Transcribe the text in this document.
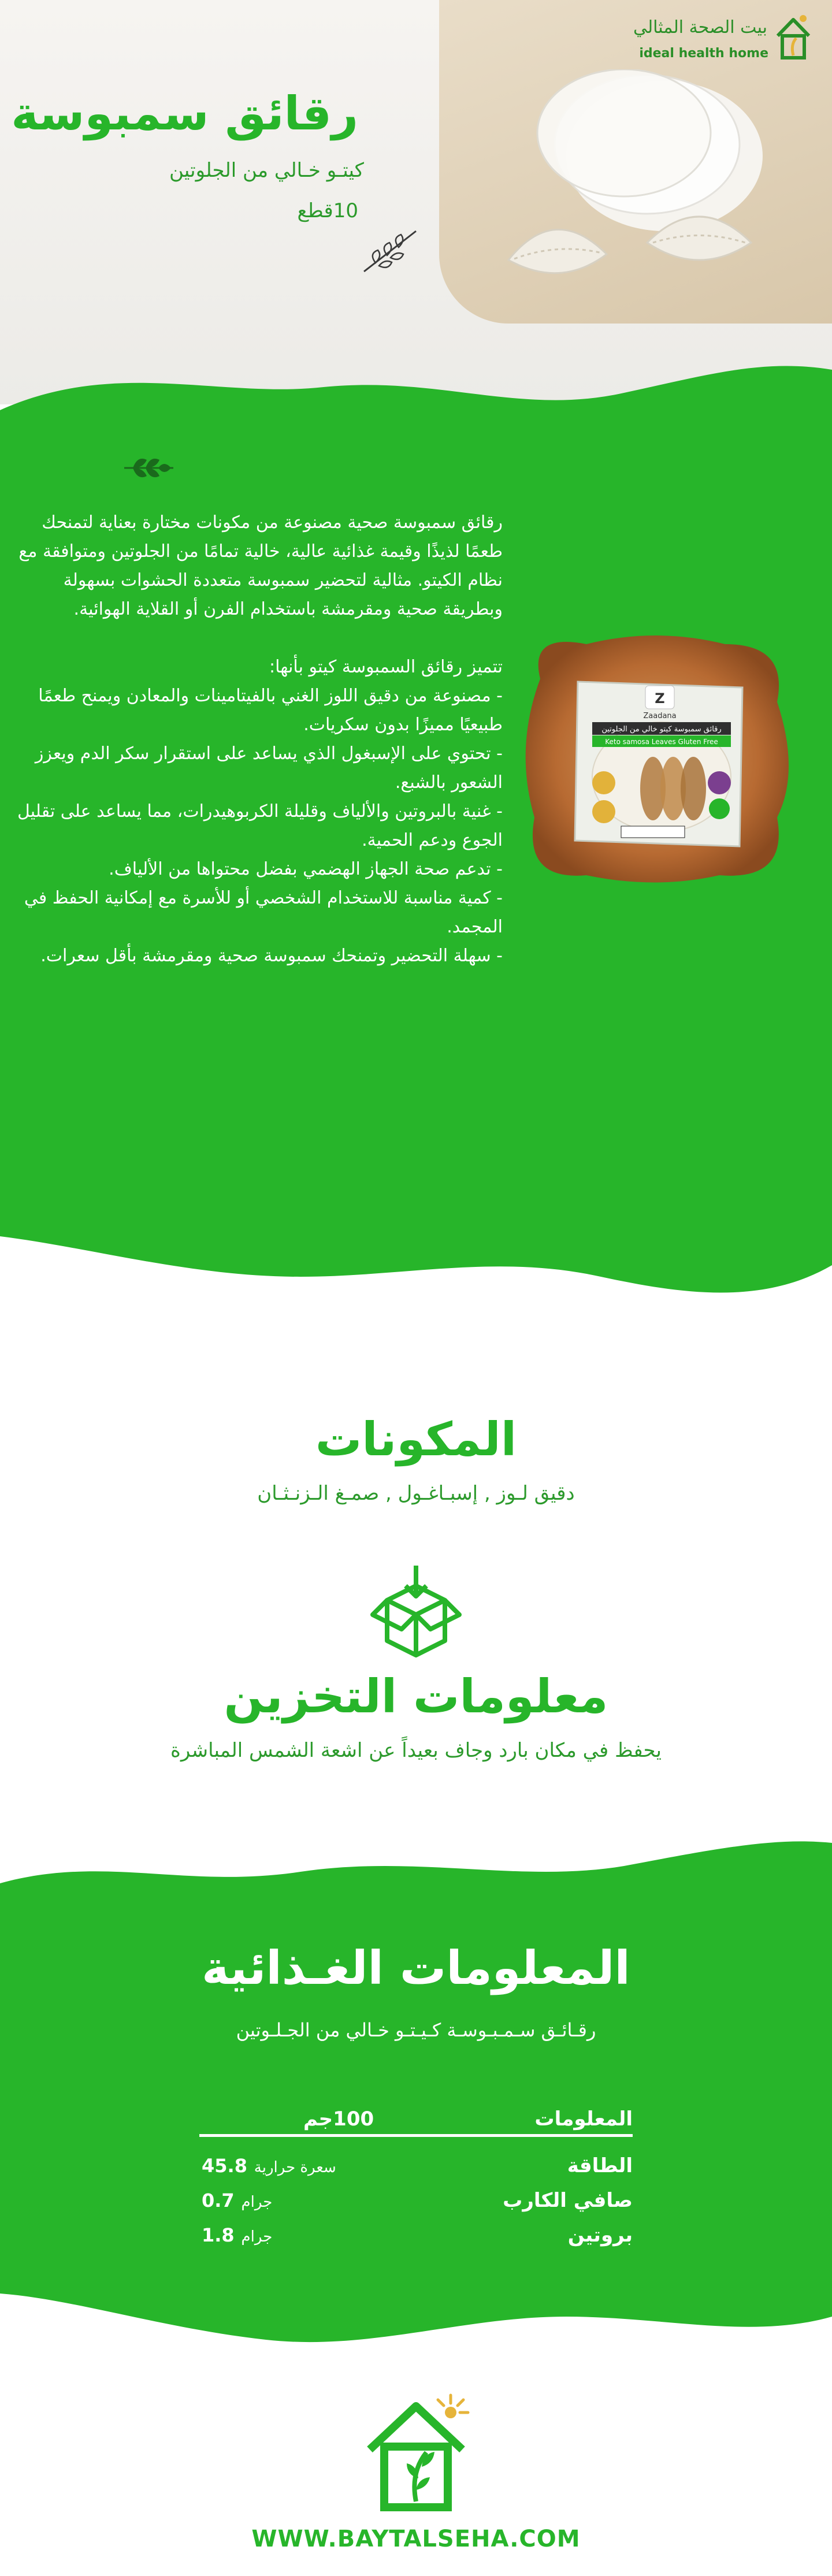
بيت الصحة المثالي
ideal health home
رقائق سمبوسة
كيتـو خـالي من الجلوتين
10قطع

رقائق سمبوسة صحية مصنوعة من مكونات مختارة بعناية لتمنحك طعمًا لذيذًا وقيمة غذائية عالية، خالية تمامًا من الجلوتين ومتوافقة مع نظام الكيتو. مثالية لتحضير سمبوسة متعددة الحشوات بسهولة وبطريقة صحية ومقرمشة باستخدام الفرن أو القلاية الهوائية.

تتميز رقائق السمبوسة كيتو بأنها:
- مصنوعة من دقيق اللوز الغني بالفيتامينات والمعادن ويمنح طعمًا طبيعيًا مميزًا بدون سكريات.
- تحتوي على الإسبغول الذي يساعد على استقرار سكر الدم ويعزز الشعور بالشبع.
- غنية بالبروتين والألياف وقليلة الكربوهيدرات، مما يساعد على تقليل الجوع ودعم الحمية.
- تدعم صحة الجهاز الهضمي بفضل محتواها من الألياف.
- كمية مناسبة للاستخدام الشخصي أو للأسرة مع إمكانية الحفظ في المجمد.
- سهلة التحضير وتمنحك سمبوسة صحية ومقرمشة بأقل سعرات.
Z
Zaadana
رقائق سمبوسة كيتو خالي من الجلوتين
Keto samosa Leaves Gluten Free
المكونات
دقيق لـوز , إسبـاغـول , صمـغ الـزنـثـان
معلومات التخزين
يحفظ في مكان بارد وجاف بعيداً عن اشعة الشمس المباشرة
المعلومات الغـذائية
رقـائـق سـمـبـوسـة كـيـتـو خـالي من الجـلـوتين
المعلومات
100جم
الطاقة
سعرة حرارية 45.8
صافي الكارب
جرام 0.7
بروتين
جرام 1.8
WWW.BAYTALSEHA.COM
